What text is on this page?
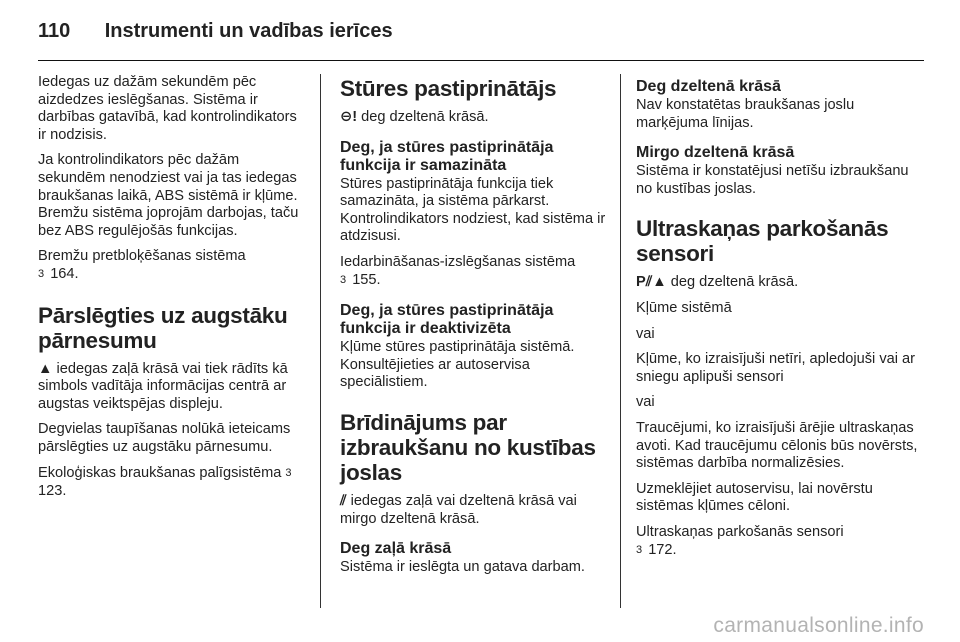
110 Instrumenti un vadības ierīces

Iedegas uz dažām sekundēm pēc aizdedzes ieslēgšanas. Sistēma ir darbības gatavībā, kad kontrolindikators ir nodzisis.

Ja kontrolindikators pēc dažām sekundēm nenodziest vai ja tas iedegas braukšanas laikā, ABS sistēmā ir kļūme. Bremžu sistēma joprojām darbojas, taču bez ABS regulējošās funkcijas.

Bremžu pretbloķēšanas sistēma
3 164.

Pārslēgties uz augstāku pārnesumu

▲ iedegas zaļā krāsā vai tiek rādīts kā simbols vadītāja informācijas centrā ar augstas veiktspējas displeju.

Degvielas taupīšanas nolūkā ieteicams pārslēgties uz augstāku pārnesumu.

Ekoloģiskas braukšanas palīgsistēma 3 123.

Stūres pastiprinātājs

⊖! deg dzeltenā krāsā.

Deg, ja stūres pastiprinātāja funkcija ir samazināta

Stūres pastiprinātāja funkcija tiek samazināta, ja sistēma pārkarst. Kontrolindikators nodziest, kad sistēma ir atdzisusi.

Iedarbināšanas-izslēgšanas sistēma
3 155.

Deg, ja stūres pastiprinātāja funkcija ir deaktivizēta

Kļūme stūres pastiprinātāja sistēmā. Konsultējieties ar autoservisa speciālistiem.

Brīdinājums par izbraukšanu no kustības joslas

⫽ iedegas zaļā vai dzeltenā krāsā vai mirgo dzeltenā krāsā.

Deg zaļā krāsā

Sistēma ir ieslēgta un gatava darbam.

Deg dzeltenā krāsā

Nav konstatētas braukšanas joslu marķējuma līnijas.

Mirgo dzeltenā krāsā

Sistēma ir konstatējusi netīšu izbraukšanu no kustības joslas.

Ultraskaņas parkošanās sensori

P⫽▲ deg dzeltenā krāsā.

Kļūme sistēmā

vai

Kļūme, ko izraisījuši netīri, apledojuši vai ar sniegu aplipuši sensori

vai

Traucējumi, ko izraisījuši ārējie ultraskaņas avoti. Kad traucējumu cēlonis būs novērsts, sistēmas darbība normalizēsies.

Uzmeklējiet autoservisu, lai novērstu sistēmas kļūmes cēloni.

Ultraskaņas parkošanās sensori
3 172.

carmanualsonline.info
